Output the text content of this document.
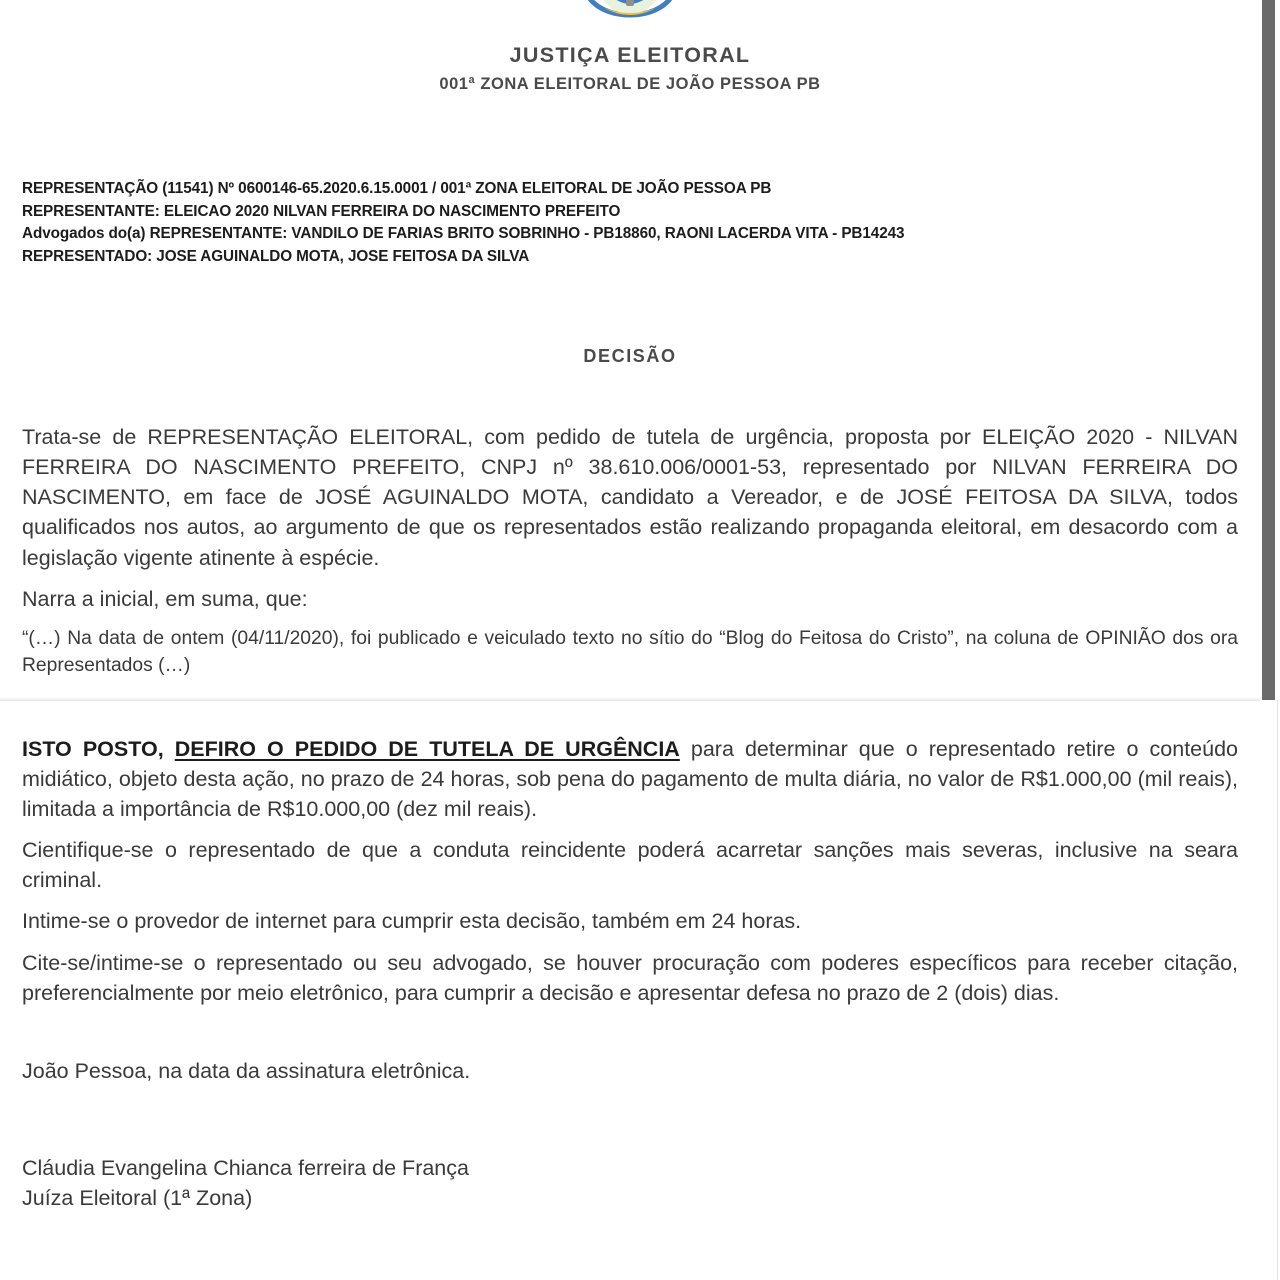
JUSTIÇA ELEITORAL
001ª ZONA ELEITORAL DE JOÃO PESSOA PB
REPRESENTAÇÃO (11541) Nº 0600146-65.2020.6.15.0001 / 001ª ZONA ELEITORAL DE JOÃO PESSOA PB
REPRESENTANTE: ELEICAO 2020 NILVAN FERREIRA DO NASCIMENTO PREFEITO
Advogados do(a) REPRESENTANTE: VANDILO DE FARIAS BRITO SOBRINHO - PB18860, RAONI LACERDA VITA - PB14243
REPRESENTADO: JOSE AGUINALDO MOTA, JOSE FEITOSA DA SILVA
DECISÃO

Trata-se de REPRESENTAÇÃO ELEITORAL, com pedido de tutela de urgência, proposta por ELEIÇÃO 2020 - NILVAN FERREIRA DO NASCIMENTO PREFEITO, CNPJ nº 38.610.006/0001-53, representado por NILVAN FERREIRA DO NASCIMENTO, em face de JOSÉ AGUINALDO MOTA, candidato a Vereador, e de JOSÉ FEITOSA DA SILVA, todos qualificados nos autos, ao argumento de que os representados estão realizando propaganda eleitoral, em desacordo com a legislação vigente atinente à espécie.

Narra a inicial, em suma, que:

“(…) Na data de ontem (04/11/2020), foi publicado e veiculado texto no sítio do “Blog do Feitosa do Cristo”, na coluna de OPINIÃO dos ora Representados (…)

ISTO POSTO, DEFIRO O PEDIDO DE TUTELA DE URGÊNCIA para determinar que o representado retire o conteúdo midiático, objeto desta ação, no prazo de 24 horas, sob pena do pagamento de multa diária, no valor de R$1.000,00 (mil reais), limitada a importância de R$10.000,00 (dez mil reais).

Cientifique-se o representado de que a conduta reincidente poderá acarretar sanções mais severas, inclusive na seara criminal.

Intime-se o provedor de internet para cumprir esta decisão, também em 24 horas.

Cite-se/intime-se o representado ou seu advogado, se houver procuração com poderes específicos para receber citação, preferencialmente por meio eletrônico, para cumprir a decisão e apresentar defesa no prazo de 2 (dois) dias.

João Pessoa, na data da assinatura eletrônica.

Cláudia Evangelina Chianca ferreira de França

Juíza Eleitoral (1ª Zona)
